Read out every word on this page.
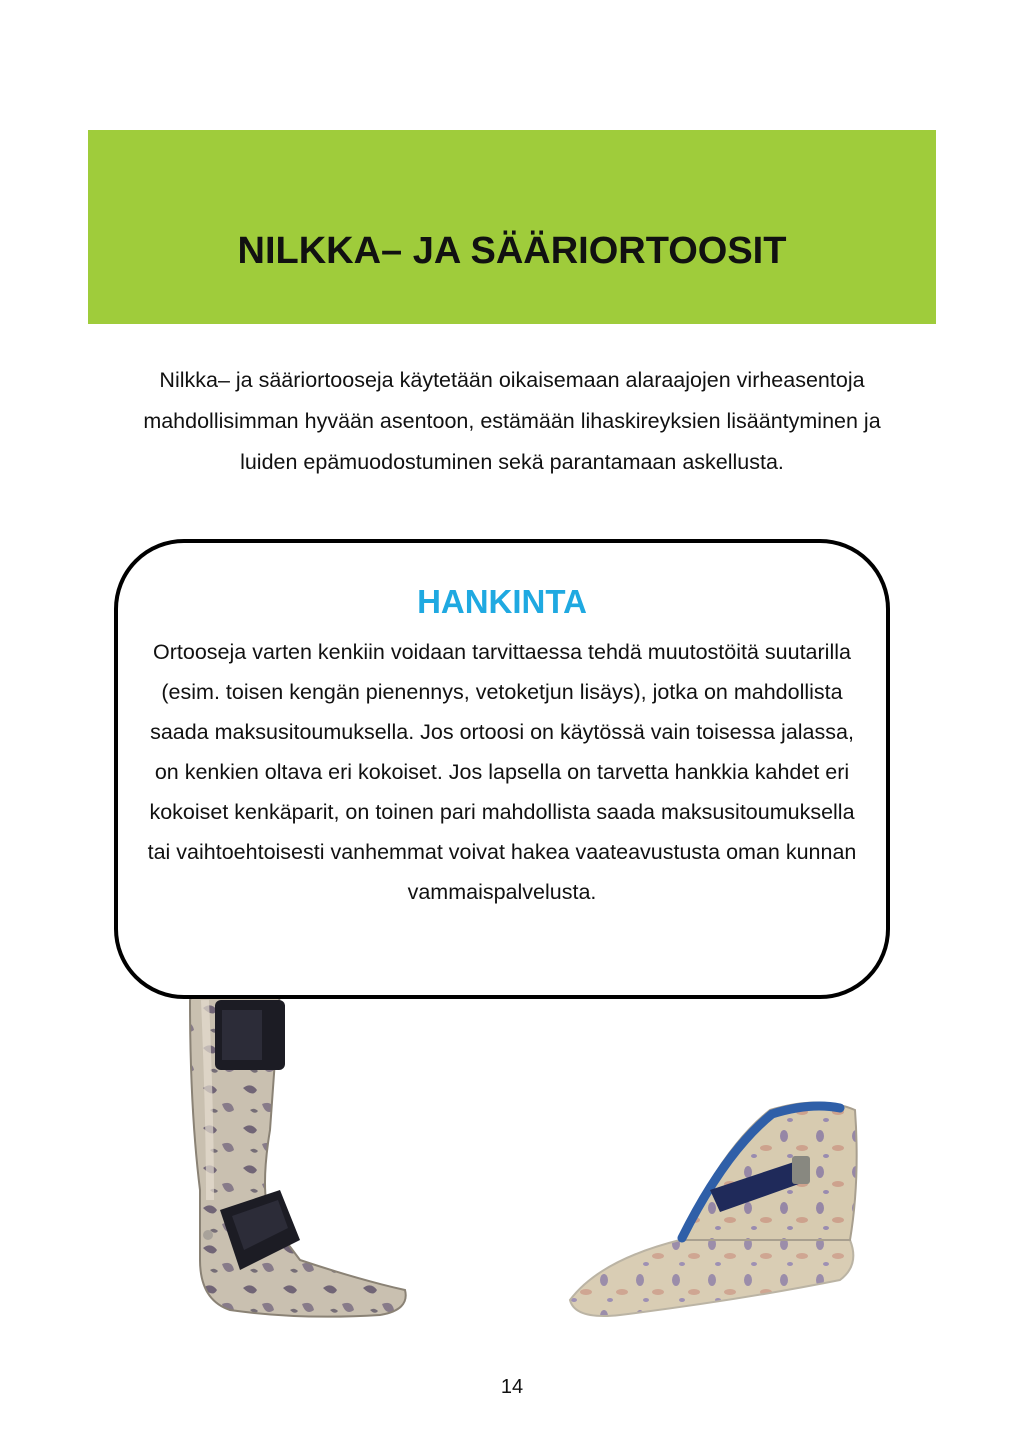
NILKKA– JA SÄÄRIORTOOSIT
Nilkka– ja sääriortooseja käytetään oikaisemaan alaraajojen virheasentoja mahdollisimman hyvään asentoon, estämään lihaskireyksien lisääntyminen ja luiden epämuodostuminen sekä parantamaan askellusta.
HANKINTA

Ortooseja varten kenkiin voidaan tarvittaessa tehdä muutostöitä suutarilla (esim. toisen kengän pienennys, vetoketjun lisäys), jotka on mahdollista saada maksusitoumuksella. Jos ortoosi on käytössä vain toisessa jalassa, on kenkien oltava eri kokoiset. Jos lapsella on tarvetta hankkia kahdet eri kokoiset kenkäparit, on toinen pari mahdollista saada maksusitoumuksella tai vaihtoehtoisesti vanhemmat voivat hakea vaateavustusta oman kunnan vammaispalvelusta.

14
